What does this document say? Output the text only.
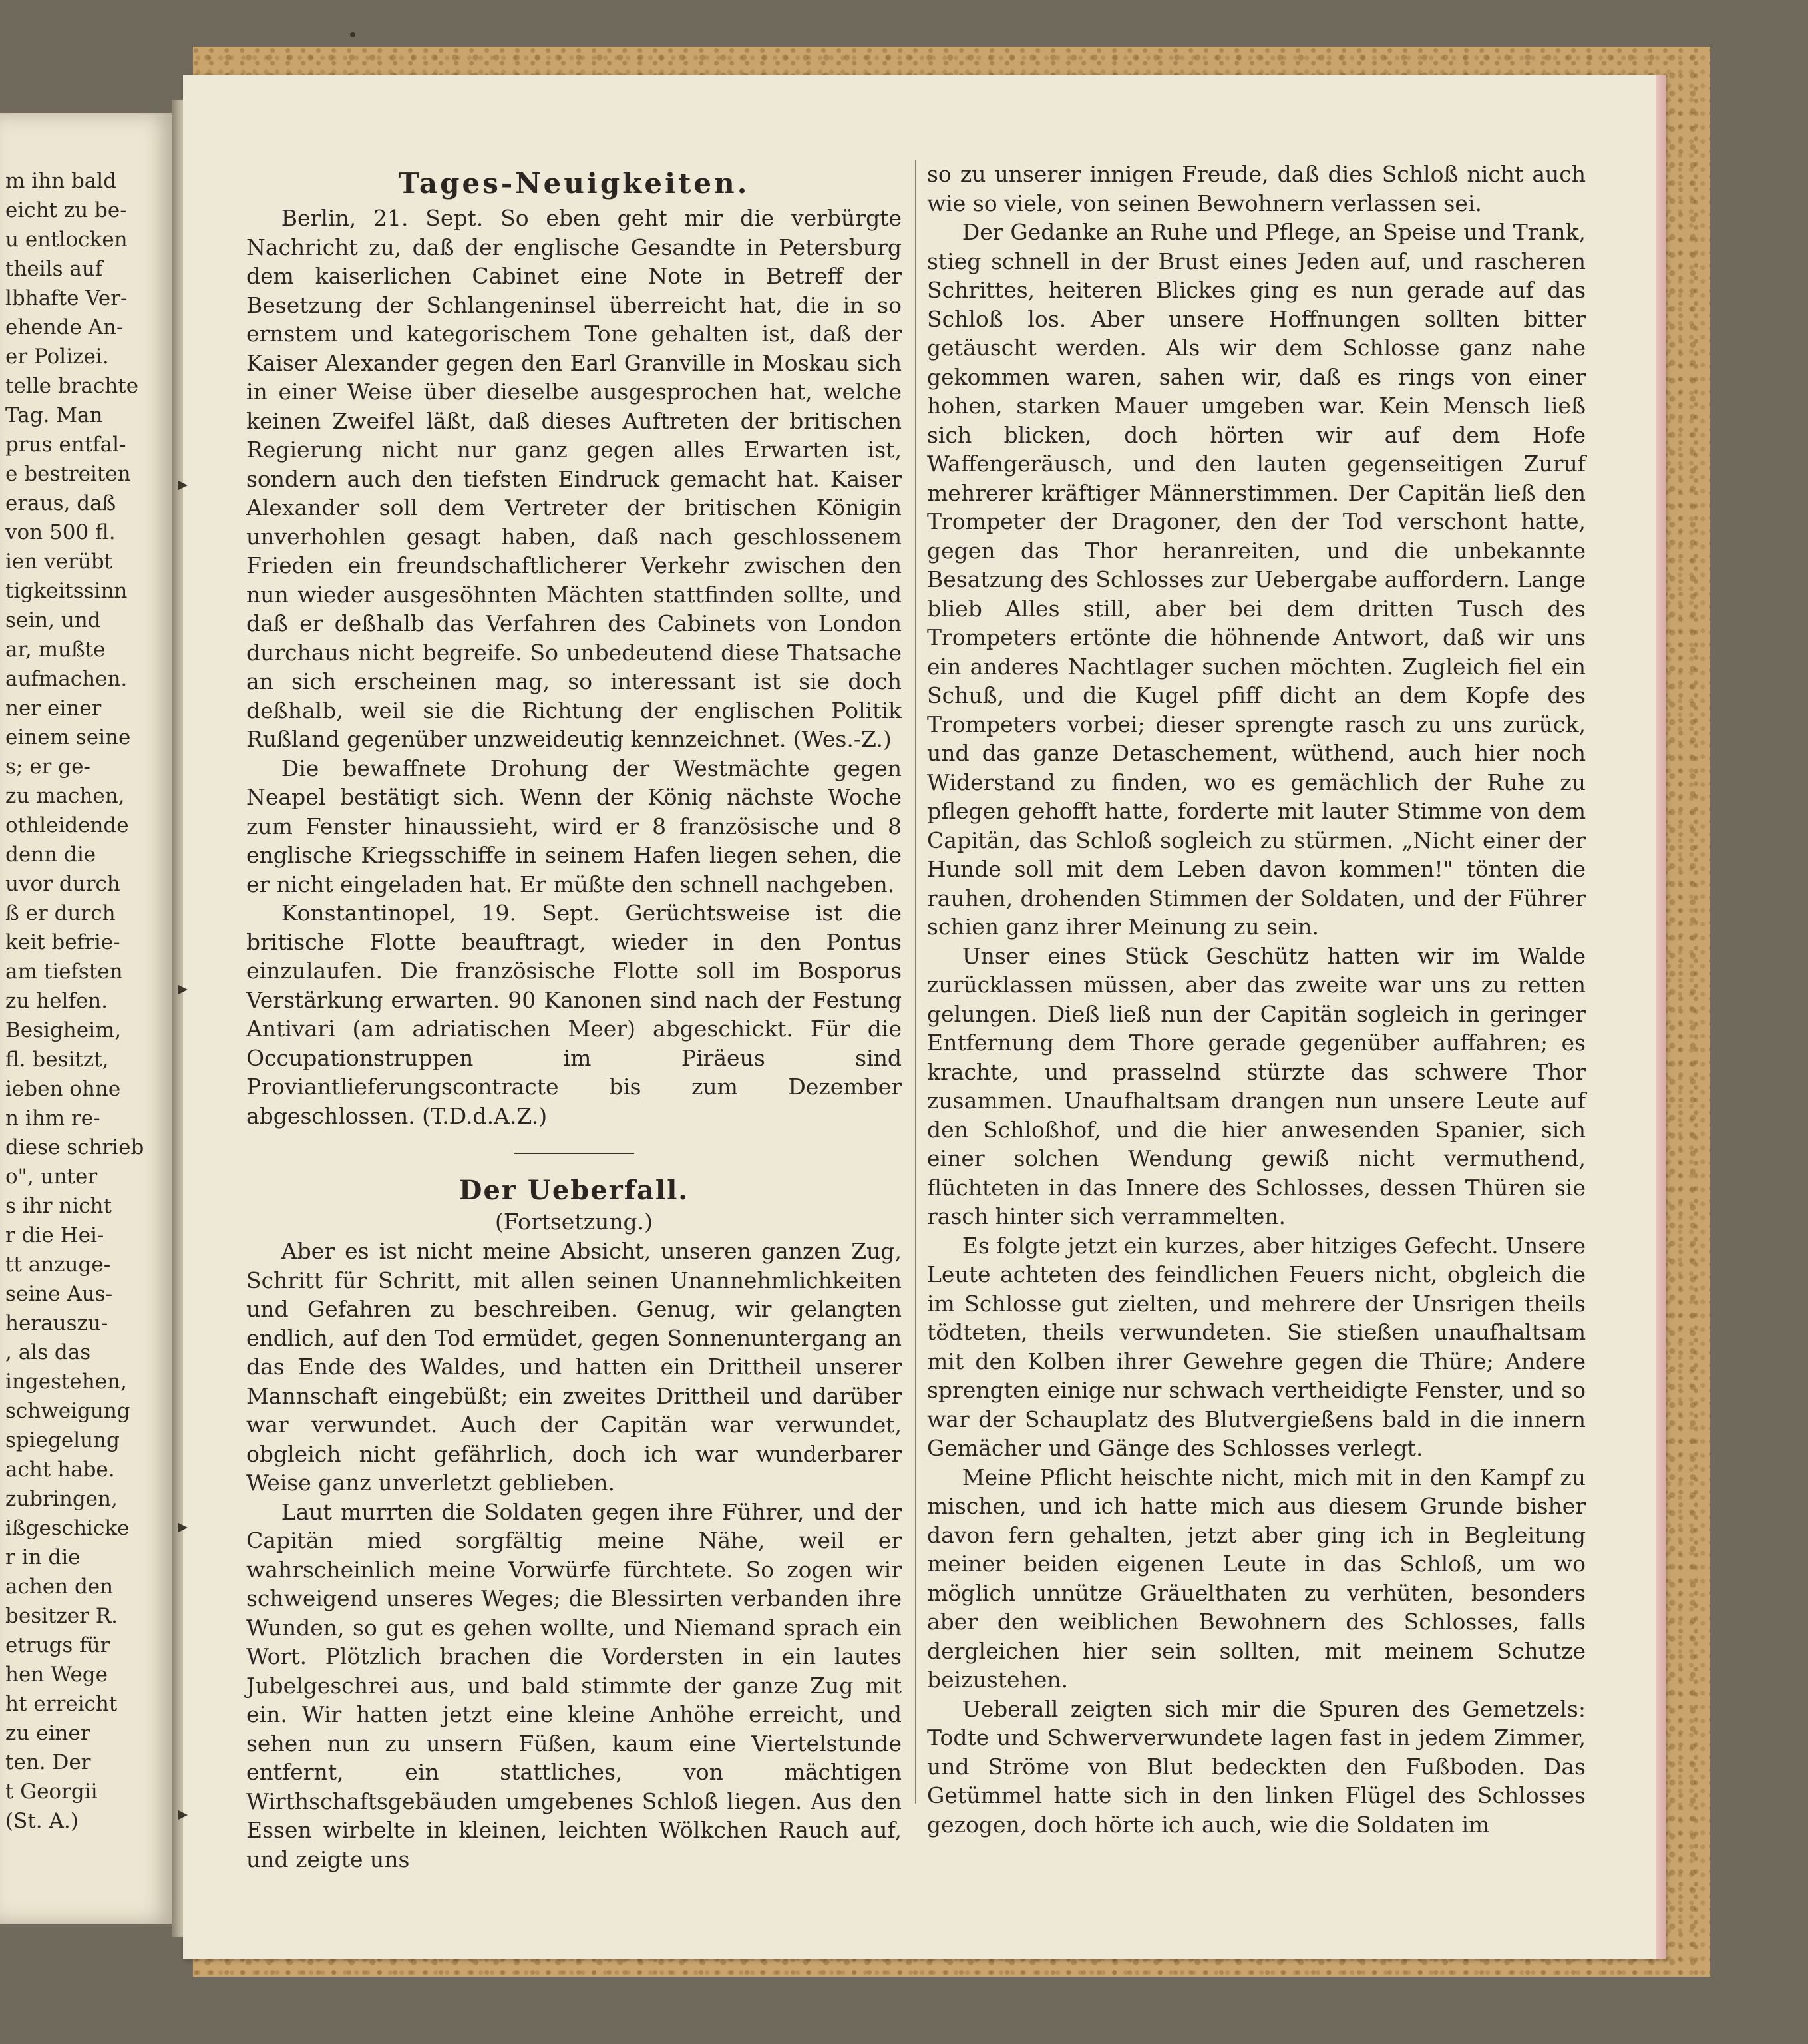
m ihn bald
eicht zu be-
u entlocken
theils auf
lbhafte Ver-
ehende An-
er Polizei.
telle brachte
Tag. Man
prus entfal-
e bestreiten
eraus, daß
von 500 fl.
ien verübt
tigkeitssinn
sein, und
ar, mußte
aufmachen.
ner einer
einem seine
s; er ge-
zu machen,
othleidende
denn die
uvor durch
ß er durch
keit befrie-
am tiefsten
zu helfen.
Besigheim,
fl. besitzt,
ieben ohne
n ihm re-
diese schrieb
o", unter
s ihr nicht
r die Hei-
tt anzuge-
seine Aus-
herauszu-
, als das
ingestehen,
schweigung
spiegelung
acht habe.
zubringen,
ißgeschicke
r in die
achen den
besitzer R.
etrugs für
hen Wege
ht erreicht
zu einer
ten. Der
t Georgii
(St. A.)
Tages-Neuigkeiten.

Berlin, 21. Sept. So eben geht mir die verbürgte Nachricht zu, daß der englische Gesandte in Petersburg dem kaiserlichen Cabinet eine Note in Betreff der Besetzung der Schlangeninsel überreicht hat, die in so ernstem und kategorischem Tone gehalten ist, daß der Kaiser Alexander gegen den Earl Granville in Moskau sich in einer Weise über dieselbe ausgesprochen hat, welche keinen Zweifel läßt, daß dieses Auftreten der britischen Regierung nicht nur ganz gegen alles Erwarten ist, sondern auch den tiefsten Eindruck gemacht hat. Kaiser Alexander soll dem Vertreter der britischen Königin unverhohlen gesagt haben, daß nach geschlossenem Frieden ein freundschaftlicherer Verkehr zwischen den nun wieder ausgesöhnten Mächten stattfinden sollte, und daß er deßhalb das Verfahren des Cabinets von London durchaus nicht begreife. So unbedeutend diese Thatsache an sich erscheinen mag, so interessant ist sie doch deßhalb, weil sie die Richtung der englischen Politik Rußland gegenüber unzweideutig kennzeichnet. (Wes.-Z.)

Die bewaffnete Drohung der Westmächte gegen Neapel bestätigt sich. Wenn der König nächste Woche zum Fenster hinaussieht, wird er 8 französische und 8 englische Kriegsschiffe in seinem Hafen liegen sehen, die er nicht eingeladen hat. Er müßte den schnell nachgeben.

Konstantinopel, 19. Sept. Gerüchtsweise ist die britische Flotte beauftragt, wieder in den Pontus einzulaufen. Die französische Flotte soll im Bosporus Verstärkung erwarten. 90 Kanonen sind nach der Festung Antivari (am adriatischen Meer) abgeschickt. Für die Occupationstruppen im Piräeus sind Proviantlieferungscontracte bis zum Dezember abgeschlossen. (T.D.d.A.Z.)

Der Ueberfall.
(Fortsetzung.)

Aber es ist nicht meine Absicht, unseren ganzen Zug, Schritt für Schritt, mit allen seinen Unannehmlichkeiten und Gefahren zu beschreiben. Genug, wir gelangten endlich, auf den Tod ermüdet, gegen Sonnenuntergang an das Ende des Waldes, und hatten ein Drittheil unserer Mannschaft eingebüßt; ein zweites Drittheil und darüber war verwundet. Auch der Capitän war verwundet, obgleich nicht gefährlich, doch ich war wunderbarer Weise ganz unverletzt geblieben.

Laut murrten die Soldaten gegen ihre Führer, und der Capitän mied sorgfältig meine Nähe, weil er wahrscheinlich meine Vorwürfe fürchtete. So zogen wir schweigend unseres Weges; die Blessirten verbanden ihre Wunden, so gut es gehen wollte, und Niemand sprach ein Wort. Plötzlich brachen die Vordersten in ein lautes Jubelgeschrei aus, und bald stimmte der ganze Zug mit ein. Wir hatten jetzt eine kleine Anhöhe erreicht, und sehen nun zu unsern Füßen, kaum eine Viertelstunde entfernt, ein stattliches, von mächtigen Wirthschaftsgebäuden umgebenes Schloß liegen. Aus den Essen wirbelte in kleinen, leichten Wölkchen Rauch auf, und zeigte uns

so zu unserer innigen Freude, daß dies Schloß nicht auch wie so viele, von seinen Bewohnern verlassen sei.

Der Gedanke an Ruhe und Pflege, an Speise und Trank, stieg schnell in der Brust eines Jeden auf, und rascheren Schrittes, heiteren Blickes ging es nun gerade auf das Schloß los. Aber unsere Hoffnungen sollten bitter getäuscht werden. Als wir dem Schlosse ganz nahe gekommen waren, sahen wir, daß es rings von einer hohen, starken Mauer umgeben war. Kein Mensch ließ sich blicken, doch hörten wir auf dem Hofe Waffengeräusch, und den lauten gegenseitigen Zuruf mehrerer kräftiger Männerstimmen. Der Capitän ließ den Trompeter der Dragoner, den der Tod verschont hatte, gegen das Thor heranreiten, und die unbekannte Besatzung des Schlosses zur Uebergabe auffordern. Lange blieb Alles still, aber bei dem dritten Tusch des Trompeters ertönte die höhnende Antwort, daß wir uns ein anderes Nachtlager suchen möchten. Zugleich fiel ein Schuß, und die Kugel pfiff dicht an dem Kopfe des Trompeters vorbei; dieser sprengte rasch zu uns zurück, und das ganze Detaschement, wüthend, auch hier noch Widerstand zu finden, wo es gemächlich der Ruhe zu pflegen gehofft hatte, forderte mit lauter Stimme von dem Capitän, das Schloß sogleich zu stürmen. „Nicht einer der Hunde soll mit dem Leben davon kommen!" tönten die rauhen, drohenden Stimmen der Soldaten, und der Führer schien ganz ihrer Meinung zu sein.

Unser eines Stück Geschütz hatten wir im Walde zurücklassen müssen, aber das zweite war uns zu retten gelungen. Dieß ließ nun der Capitän sogleich in geringer Entfernung dem Thore gerade gegenüber auffahren; es krachte, und prasselnd stürzte das schwere Thor zusammen. Unaufhaltsam drangen nun unsere Leute auf den Schloßhof, und die hier anwesenden Spanier, sich einer solchen Wendung gewiß nicht vermuthend, flüchteten in das Innere des Schlosses, dessen Thüren sie rasch hinter sich verrammelten.

Es folgte jetzt ein kurzes, aber hitziges Gefecht. Unsere Leute achteten des feindlichen Feuers nicht, obgleich die im Schlosse gut zielten, und mehrere der Unsrigen theils tödteten, theils verwundeten. Sie stießen unaufhaltsam mit den Kolben ihrer Gewehre gegen die Thüre; Andere sprengten einige nur schwach vertheidigte Fenster, und so war der Schauplatz des Blutvergießens bald in die innern Gemächer und Gänge des Schlosses verlegt.

Meine Pflicht heischte nicht, mich mit in den Kampf zu mischen, und ich hatte mich aus diesem Grunde bisher davon fern gehalten, jetzt aber ging ich in Begleitung meiner beiden eigenen Leute in das Schloß, um wo möglich unnütze Gräuelthaten zu verhüten, besonders aber den weiblichen Bewohnern des Schlosses, falls dergleichen hier sein sollten, mit meinem Schutze beizustehen.

Ueberall zeigten sich mir die Spuren des Gemetzels: Todte und Schwerverwundete lagen fast in jedem Zimmer, und Ströme von Blut bedeckten den Fußboden. Das Getümmel hatte sich in den linken Flügel des Schlosses gezogen, doch hörte ich auch, wie die Soldaten im
